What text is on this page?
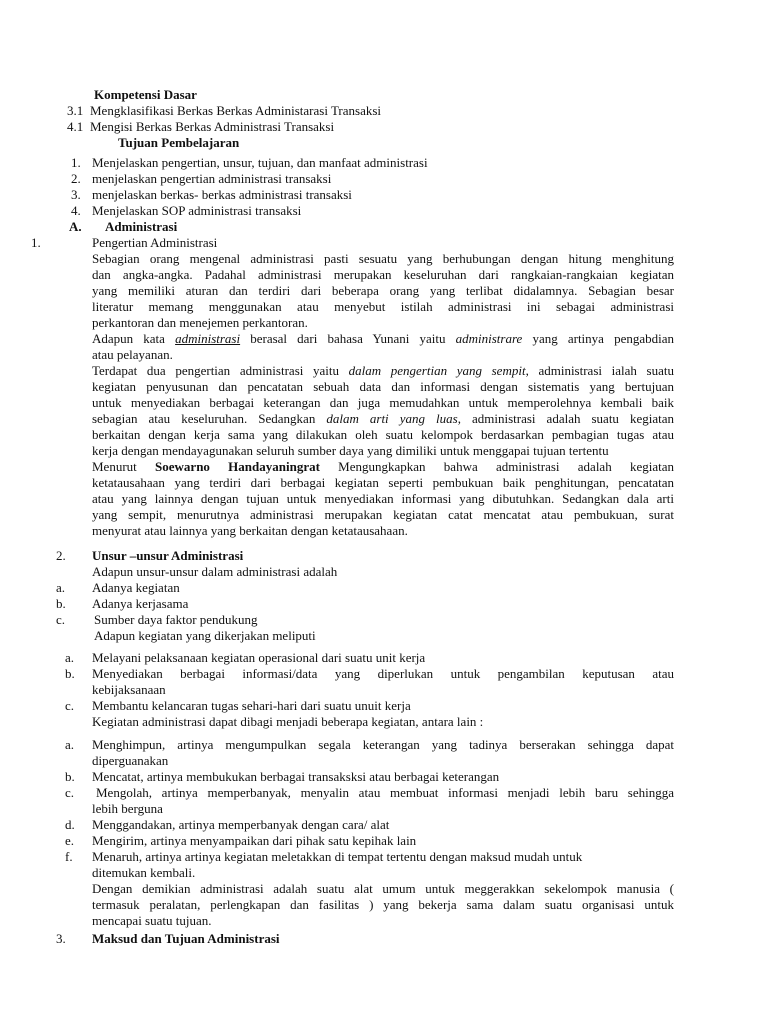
Kompetensi Dasar
3.1 Mengklasifikasi Berkas Berkas Administarasi Transaksi
4.1 Mengisi Berkas Berkas Administrasi Transaksi
Tujuan Pembelajaran
1. Menjelaskan pengertian, unsur, tujuan, dan manfaat administrasi
2. menjelaskan pengertian administrasi transaksi
3. menjelaskan berkas- berkas administrasi transaksi
4. Menjelaskan SOP administrasi transaksi
A. Administrasi
1.	Pengertian Administrasi
Sebagian orang mengenal administrasi pasti sesuatu yang berhubungan dengan hitung menghitung
dan angka-angka. Padahal administrasi merupakan keseluruhan dari rangkaian-rangkaian kegiatan
yang memiliki aturan dan terdiri dari beberapa orang yang terlibat didalamnya. Sebagian besar
literatur memang menggunakan atau menyebut istilah administrasi ini sebagai administrasi
perkantoran dan menejemen perkantoran.
Adapun kata administrasi berasal dari bahasa Yunani yaitu administrare yang artinya pengabdian
atau pelayanan.
Terdapat dua pengertian administrasi yaitu dalam pengertian yang sempit, administrasi ialah suatu
kegiatan penyusunan dan pencatatan sebuah data dan informasi dengan sistematis yang bertujuan
untuk menyediakan berbagai keterangan dan juga memudahkan untuk memperolehnya kembali baik
sebagian atau keseluruhan. Sedangkan dalam arti yang luas, administrasi adalah suatu kegiatan
berkaitan dengan kerja sama yang dilakukan oleh suatu kelompok berdasarkan pembagian tugas atau
kerja dengan mendayagunakan seluruh sumber daya yang dimiliki untuk menggapai tujuan tertentu
Menurut Soewarno Handayaningrat Mengungkapkan bahwa administrasi adalah kegiatan
ketatausahaan yang terdiri dari berbagai kegiatan seperti pembukuan baik penghitungan, pencatatan
atau yang lainnya dengan tujuan untuk menyediakan informasi yang dibutuhkan. Sedangkan dala arti
yang sempit, menurutnya administrasi merupakan kegiatan catat mencatat atau pembukuan, surat
menyurat atau lainnya yang berkaitan dengan ketatausahaan.
2. Unsur –unsur Administrasi
Adapun unsur-unsur dalam administrasi adalah
a. Adanya kegiatan
b. Adanya kerjasama
c. Sumber daya faktor pendukung
Adapun kegiatan yang dikerjakan meliputi
a. Melayani pelaksanaan kegiatan operasional dari suatu unit kerja
b. Menyediakan berbagai informasi/data yang diperlukan untuk pengambilan keputusan atau
kebijaksanaan
c. Membantu kelancaran tugas sehari-hari dari suatu unuit kerja
Kegiatan administrasi dapat dibagi menjadi beberapa kegiatan, antara lain :
a. Menghimpun, artinya mengumpulkan segala keterangan yang tadinya berserakan sehingga dapat
diperguanakan
b. Mencatat, artinya membukukan berbagai transaksksi atau berbagai keterangan
c. Mengolah, artinya memperbanyak, menyalin atau membuat informasi menjadi lebih baru sehingga
lebih berguna
d. Menggandakan, artinya memperbanyak dengan cara/ alat
e. Mengirim, artinya menyampaikan dari pihak satu kepihak lain
f. Menaruh, artinya artinya kegiatan meletakkan di tempat tertentu dengan maksud mudah untuk
ditemukan kembali.
Dengan demikian administrasi adalah suatu alat umum untuk meggerakkan sekelompok manusia (
termasuk peralatan, perlengkapan dan fasilitas ) yang bekerja sama dalam suatu organisasi untuk
mencapai suatu tujuan.
3. Maksud dan Tujuan Administrasi
